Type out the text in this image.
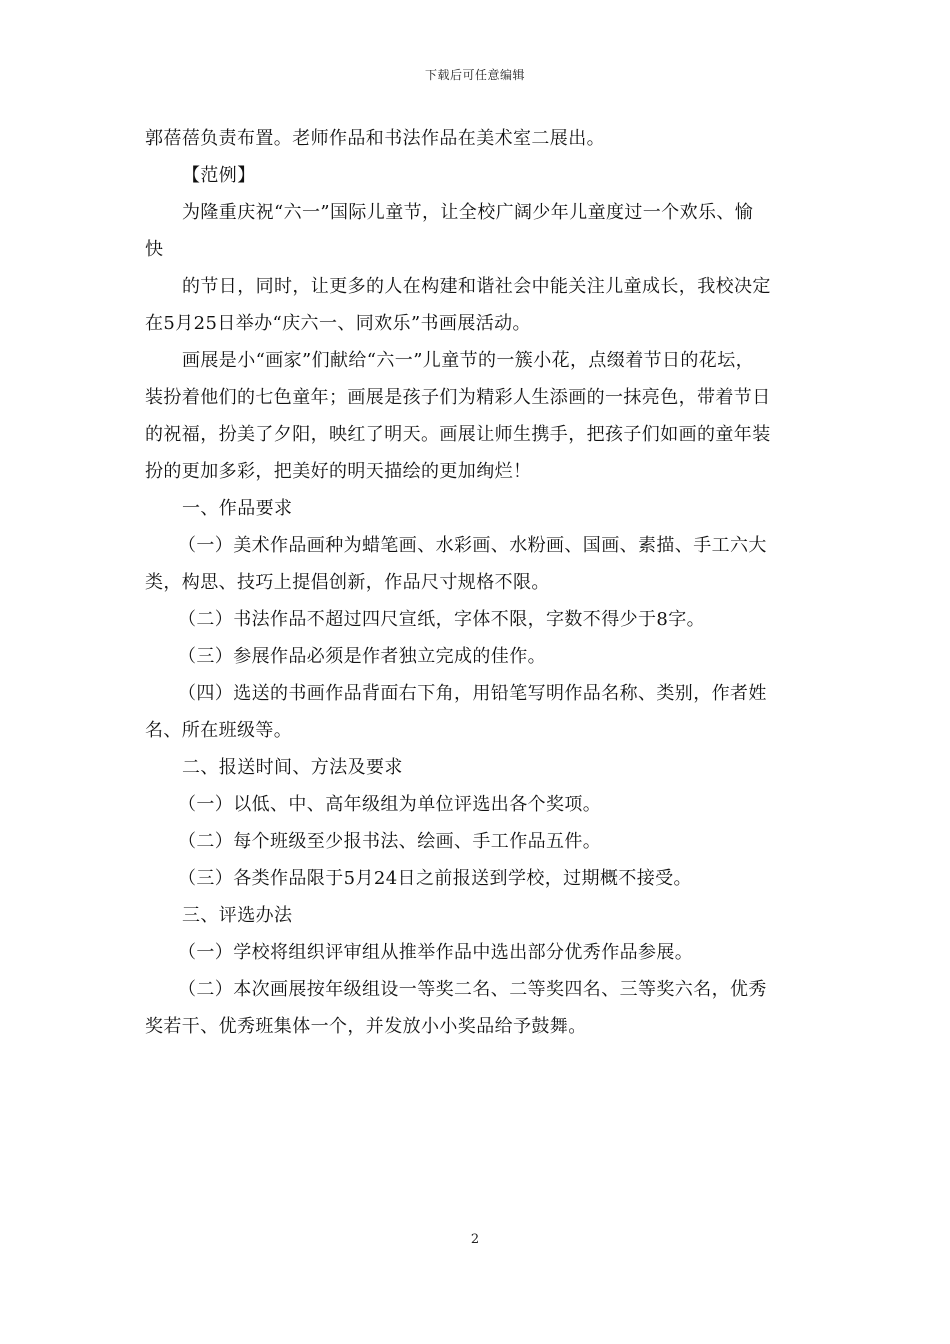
下载后可任意编辑
郭蓓蓓负责布置。老师作品和书法作品在美术室二展出。
【范例】
为隆重庆祝“六一”国际儿童节，让全校广阔少年儿童度过一个欢乐、愉
快
的节日，同时，让更多的人在构建和谐社会中能关注儿童成长，我校决定
在5月25日举办“庆六一、同欢乐”书画展活动。
画展是小“画家”们献给“六一”儿童节的一簇小花，点缀着节日的花坛，
装扮着他们的七色童年；画展是孩子们为精彩人生添画的一抹亮色，带着节日
的祝福，扮美了夕阳，映红了明天。画展让师生携手，把孩子们如画的童年装
扮的更加多彩，把美好的明天描绘的更加绚烂！
一、作品要求
（一）美术作品画种为蜡笔画、水彩画、水粉画、国画、素描、手工六大
类，构思、技巧上提倡创新，作品尺寸规格不限。
（二）书法作品不超过四尺宣纸，字体不限，字数不得少于8字。
（三）参展作品必须是作者独立完成的佳作。
（四）选送的书画作品背面右下角，用铅笔写明作品名称、类别，作者姓
名、所在班级等。
二、报送时间、方法及要求
（一）以低、中、高年级组为单位评选出各个奖项。
（二）每个班级至少报书法、绘画、手工作品五件。
（三）各类作品限于5月24日之前报送到学校，过期概不接受。
三、评选办法
（一）学校将组织评审组从推举作品中选出部分优秀作品参展。
（二）本次画展按年级组设一等奖二名、二等奖四名、三等奖六名，优秀
奖若干、优秀班集体一个，并发放小小奖品给予鼓舞。
2
